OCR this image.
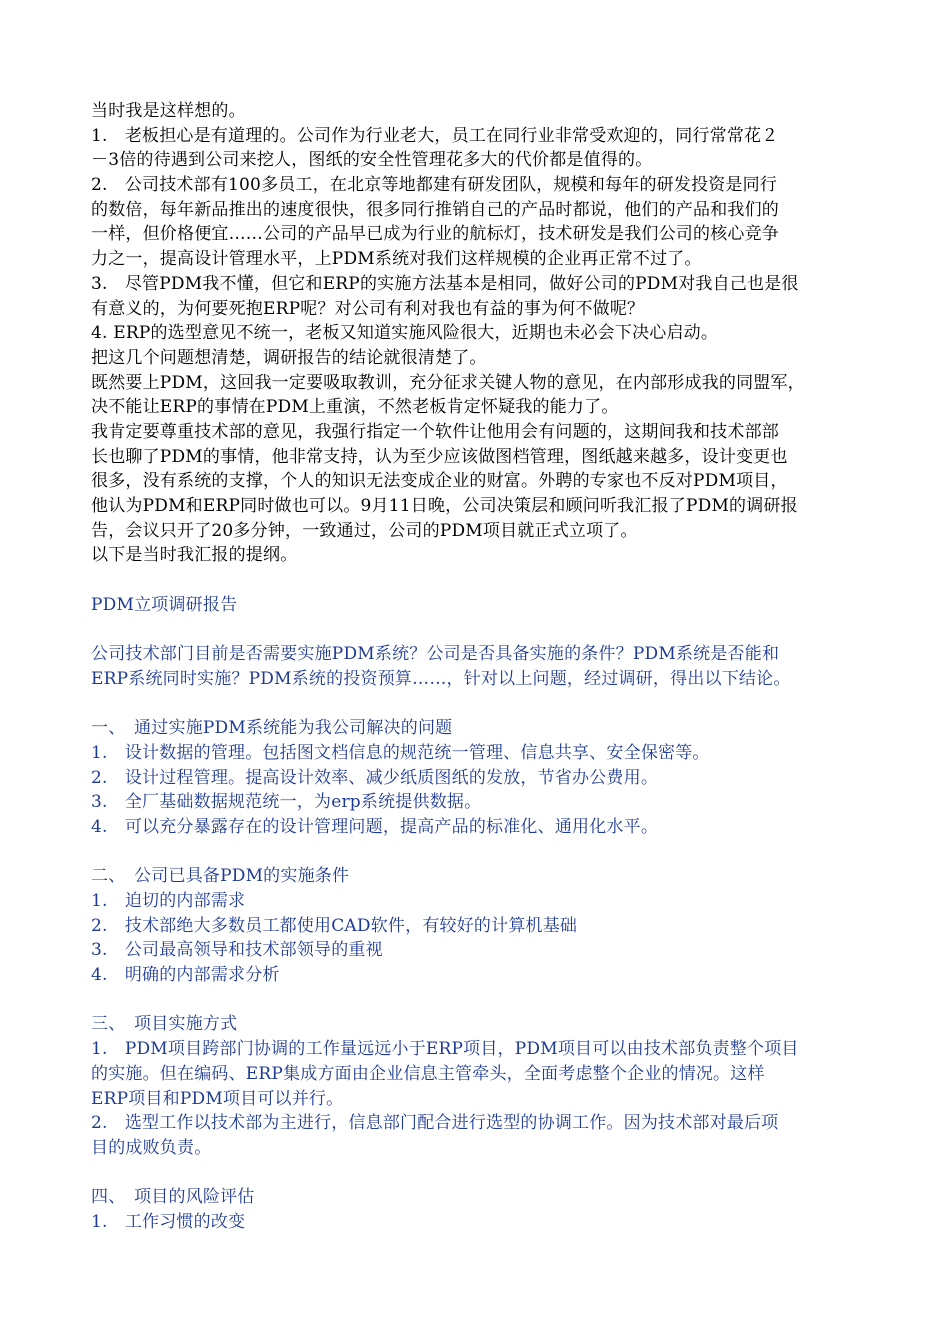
当时我是这样想的。
1.　老板担心是有道理的。公司作为行业老大，员工在同行业非常受欢迎的，同行常常花２
－3倍的待遇到公司来挖人，图纸的安全性管理花多大的代价都是值得的。
2.　公司技术部有100多员工，在北京等地都建有研发团队，规模和每年的研发投资是同行
的数倍，每年新品推出的速度很快，很多同行推销自己的产品时都说，他们的产品和我们的
一样，但价格便宜……公司的产品早已成为行业的航标灯，技术研发是我们公司的核心竞争
力之一，提高设计管理水平，上PDM系统对我们这样规模的企业再正常不过了。
3.　尽管PDM我不懂，但它和ERP的实施方法基本是相同，做好公司的PDM对我自己也是很
有意义的，为何要死抱ERP呢？对公司有利对我也有益的事为何不做呢？
4. ERP的选型意见不统一，老板又知道实施风险很大，近期也未必会下决心启动。
把这几个问题想清楚，调研报告的结论就很清楚了。
既然要上PDM，这回我一定要吸取教训，充分征求关键人物的意见，在内部形成我的同盟军，
决不能让ERP的事情在PDM上重演，不然老板肯定怀疑我的能力了。
我肯定要尊重技术部的意见，我强行指定一个软件让他用会有问题的，这期间我和技术部部
长也聊了PDM的事情，他非常支持，认为至少应该做图档管理，图纸越来越多，设计变更也
很多，没有系统的支撑，个人的知识无法变成企业的财富。外聘的专家也不反对PDM项目，
他认为PDM和ERP同时做也可以。9月11日晚，公司决策层和顾问听我汇报了PDM的调研报
告，会议只开了20多分钟，一致通过，公司的PDM项目就正式立项了。
以下是当时我汇报的提纲。
PDM立项调研报告
公司技术部门目前是否需要实施PDM系统？公司是否具备实施的条件？PDM系统是否能和
ERP系统同时实施？PDM系统的投资预算……，针对以上问题，经过调研，得出以下结论。
一、　通过实施PDM系统能为我公司解决的问题
1.　设计数据的管理。包括图文档信息的规范统一管理、信息共享、安全保密等。
2.　设计过程管理。提高设计效率、减少纸质图纸的发放，节省办公费用。
3.　全厂基础数据规范统一，为erp系统提供数据。
4.　可以充分暴露存在的设计管理问题，提高产品的标准化、通用化水平。
二、　公司已具备PDM的实施条件
1.　迫切的内部需求
2.　技术部绝大多数员工都使用CAD软件，有较好的计算机基础
3.　公司最高领导和技术部领导的重视
4.　明确的内部需求分析
三、　项目实施方式
1.　PDM项目跨部门协调的工作量远远小于ERP项目，PDM项目可以由技术部负责整个项目
的实施。但在编码、ERP集成方面由企业信息主管牵头，全面考虑整个企业的情况。这样
ERP项目和PDM项目可以并行。
2.　选型工作以技术部为主进行，信息部门配合进行选型的协调工作。因为技术部对最后项
目的成败负责。
四、　项目的风险评估
1.　工作习惯的改变
